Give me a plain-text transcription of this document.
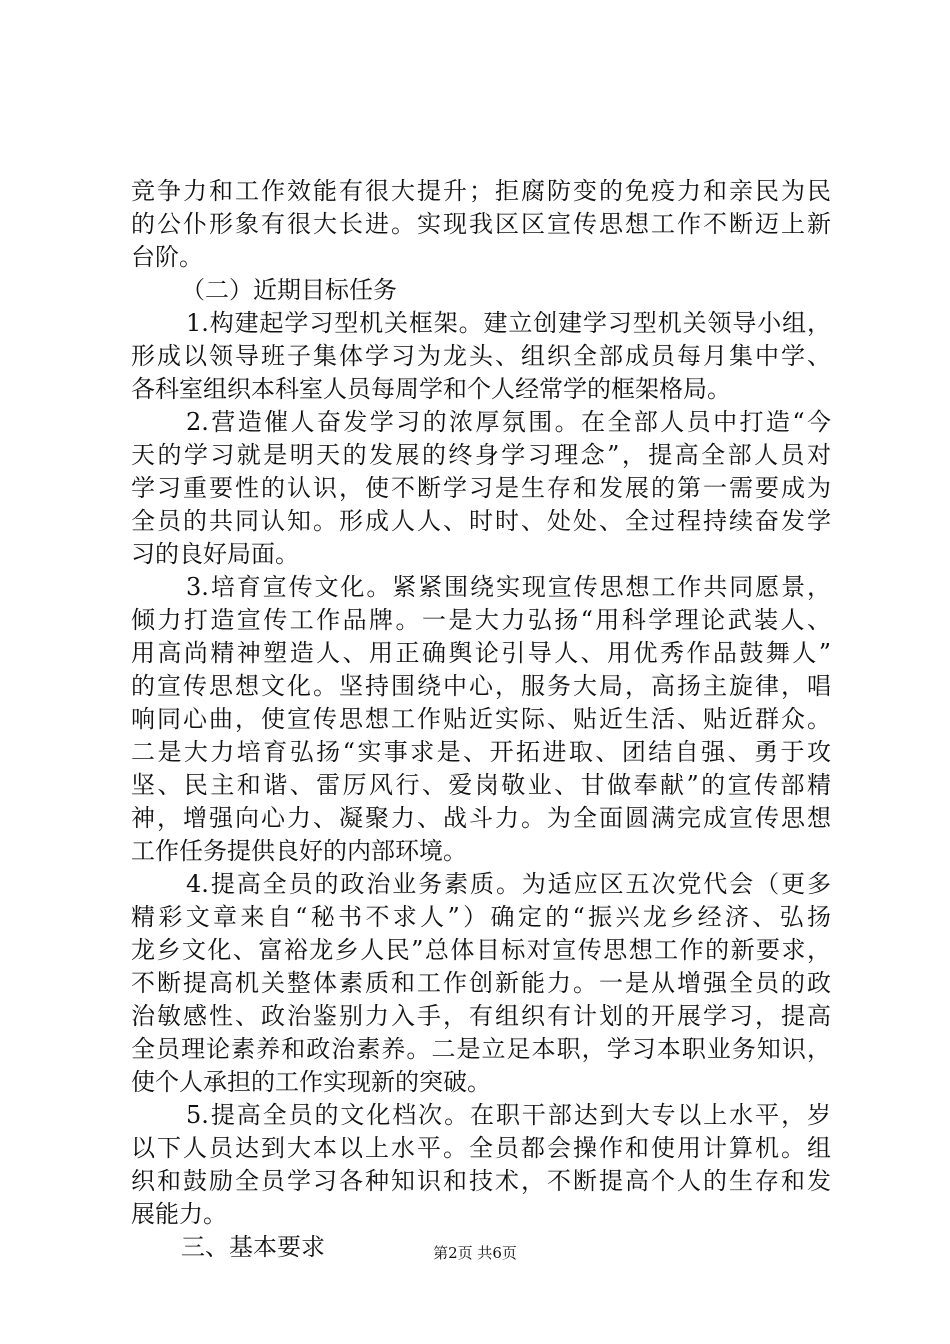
竞争力和工作效能有很大提升；拒腐防变的免疫力和亲民为民
的公仆形象有很大长进。实现我区区宣传思想工作不断迈上新
台阶。
（二）近期目标任务
1.构建起学习型机关框架。建立创建学习型机关领导小组，
形成以领导班子集体学习为龙头、组织全部成员每月集中学、
各科室组织本科室人员每周学和个人经常学的框架格局。
2.营造催人奋发学习的浓厚氛围。在全部人员中打造“今
天的学习就是明天的发展的终身学习理念”，提高全部人员对
学习重要性的认识，使不断学习是生存和发展的第一需要成为
全员的共同认知。形成人人、时时、处处、全过程持续奋发学
习的良好局面。
3.培育宣传文化。紧紧围绕实现宣传思想工作共同愿景，
倾力打造宣传工作品牌。一是大力弘扬“用科学理论武装人、
用高尚精神塑造人、用正确舆论引导人、用优秀作品鼓舞人”
的宣传思想文化。坚持围绕中心，服务大局，高扬主旋律，唱
响同心曲，使宣传思想工作贴近实际、贴近生活、贴近群众。
二是大力培育弘扬“实事求是、开拓进取、团结自强、勇于攻
坚、民主和谐、雷厉风行、爱岗敬业、甘做奉献”的宣传部精
神，增强向心力、凝聚力、战斗力。为全面圆满完成宣传思想
工作任务提供良好的内部环境。
4.提高全员的政治业务素质。为适应区五次党代会（更多
精彩文章来自“秘书不求人”）确定的“振兴龙乡经济、弘扬
龙乡文化、富裕龙乡人民”总体目标对宣传思想工作的新要求，
不断提高机关整体素质和工作创新能力。一是从增强全员的政
治敏感性、政治鉴别力入手，有组织有计划的开展学习，提高
全员理论素养和政治素养。二是立足本职，学习本职业务知识，
使个人承担的工作实现新的突破。
5.提高全员的文化档次。在职干部达到大专以上水平，岁
以下人员达到大本以上水平。全员都会操作和使用计算机。组
织和鼓励全员学习各种知识和技术，不断提高个人的生存和发
展能力。
三、基本要求	第2页 共6页
